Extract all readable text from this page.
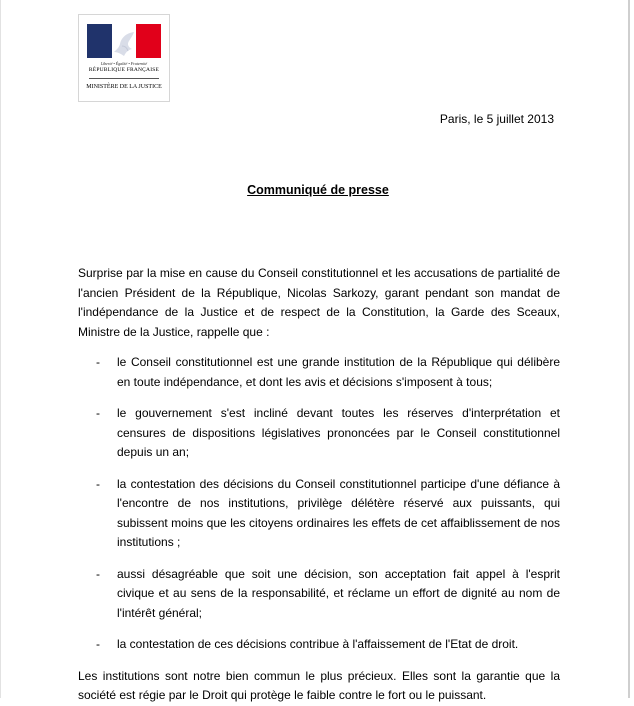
Liberté • Égalité • Fraternité
RÉPUBLIQUE FRANÇAISE
MINISTÈRE DE LA JUSTICE
Paris, le 5 juillet 2013
Communiqué de presse

Surprise par la mise en cause du Conseil constitutionnel et les accusations de partialité de l'ancien Président de la République, Nicolas Sarkozy, garant pendant son mandat de l'indépendance de la Justice et de respect de la Constitution, la Garde des Sceaux, Ministre de la Justice, rappelle que :

- le Conseil constitutionnel est une grande institution de la République qui délibère en toute indépendance, et dont les avis et décisions s'imposent à tous;
- le gouvernement s'est incliné devant toutes les réserves d'interprétation et censures de dispositions législatives prononcées par le Conseil constitutionnel depuis un an;
- la contestation des décisions du Conseil constitutionnel participe d'une défiance à l'encontre de nos institutions, privilège délétère réservé aux puissants, qui subissent moins que les citoyens ordinaires les effets de cet affaiblissement de nos institutions ;
- aussi désagréable que soit une décision, son acceptation fait appel à l'esprit civique et au sens de la responsabilité, et réclame un effort de dignité au nom de l'intérêt général;
- la contestation de ces décisions contribue à l'affaissement de l'Etat de droit.

Les institutions sont notre bien commun le plus précieux. Elles sont la garantie que la société est régie par le Droit qui protège le faible contre le fort ou le puissant.
